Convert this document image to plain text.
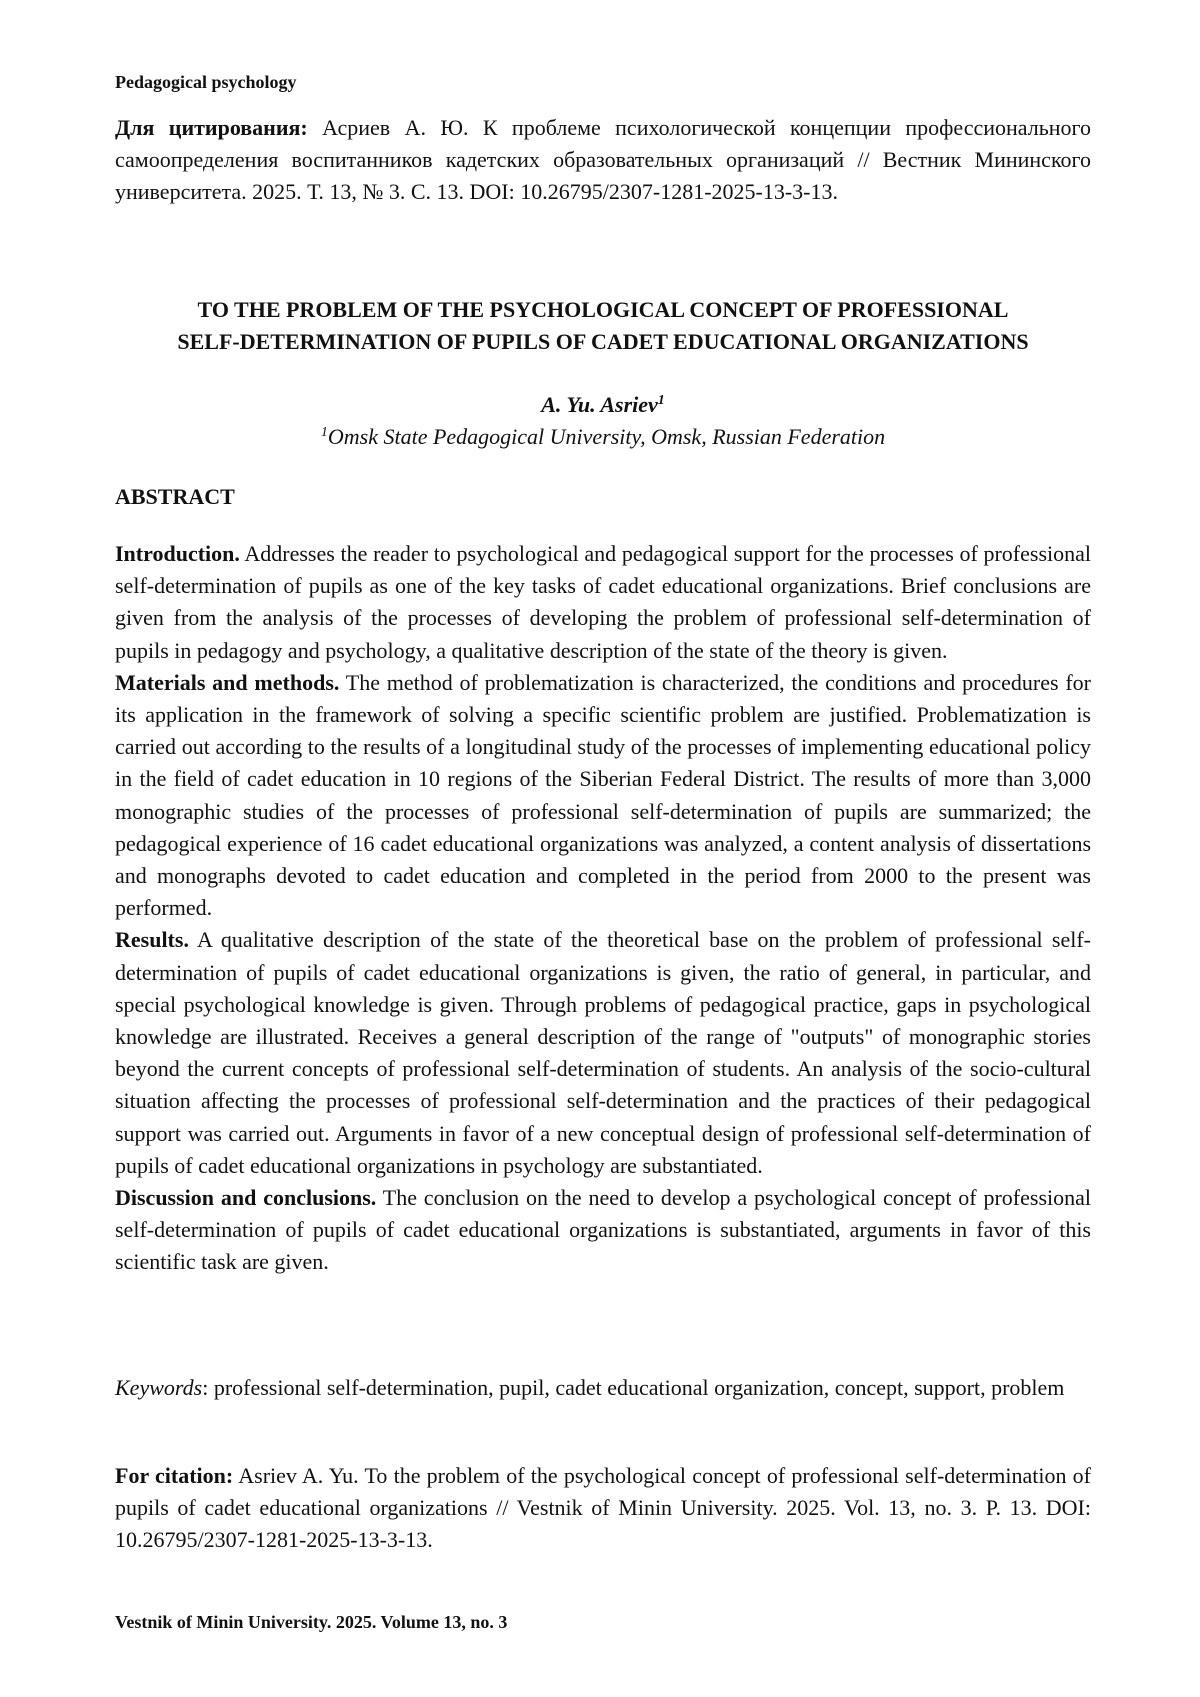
Pedagogical psychology
Для цитирования: Асриев А. Ю. К проблеме психологической концепции профессионального самоопределения воспитанников кадетских образовательных организаций // Вестник Мининского университета. 2025. Т. 13, № 3. С. 13. DOI: 10.26795/2307-1281-2025-13-3-13.
TO THE PROBLEM OF THE PSYCHOLOGICAL CONCEPT OF PROFESSIONAL
SELF-DETERMINATION OF PUPILS OF CADET EDUCATIONAL ORGANIZATIONS
A. Yu. Asriev1
1Omsk State Pedagogical University, Omsk, Russian Federation
ABSTRACT

Introduction. Addresses the reader to psychological and pedagogical support for the processes of professional self-determination of pupils as one of the key tasks of cadet educational organizations. Brief conclusions are given from the analysis of the processes of developing the problem of professional self-determination of pupils in pedagogy and psychology, a qualitative description of the state of the theory is given.

Materials and methods. The method of problematization is characterized, the conditions and procedures for its application in the framework of solving a specific scientific problem are justified. Problematization is carried out according to the results of a longitudinal study of the processes of implementing educational policy in the field of cadet education in 10 regions of the Siberian Federal District. The results of more than 3,000 monographic studies of the processes of professional self-determination of pupils are summarized; the pedagogical experience of 16 cadet educational organizations was analyzed, a content analysis of dissertations and monographs devoted to cadet education and completed in the period from 2000 to the present was performed.

Results. A qualitative description of the state of the theoretical base on the problem of professional self-determination of pupils of cadet educational organizations is given, the ratio of general, in particular, and special psychological knowledge is given. Through problems of pedagogical practice, gaps in psychological knowledge are illustrated. Receives a general description of the range of "outputs" of monographic stories beyond the current concepts of professional self-determination of students. An analysis of the socio-cultural situation affecting the processes of professional self-determination and the practices of their pedagogical support was carried out. Arguments in favor of a new conceptual design of professional self-determination of pupils of cadet educational organizations in psychology are substantiated.

Discussion and conclusions. The conclusion on the need to develop a psychological concept of professional self-determination of pupils of cadet educational organizations is substantiated, arguments in favor of this scientific task are given.

Keywords: professional self-determination, pupil, cadet educational organization, concept, support, problem
For citation: Asriev A. Yu. To the problem of the psychological concept of professional self-determination of pupils of cadet educational organizations // Vestnik of Minin University. 2025. Vol. 13, no. 3. P. 13. DOI: 10.26795/2307-1281-2025-13-3-13.
Vestnik of Minin University. 2025. Volume 13, no. 3
